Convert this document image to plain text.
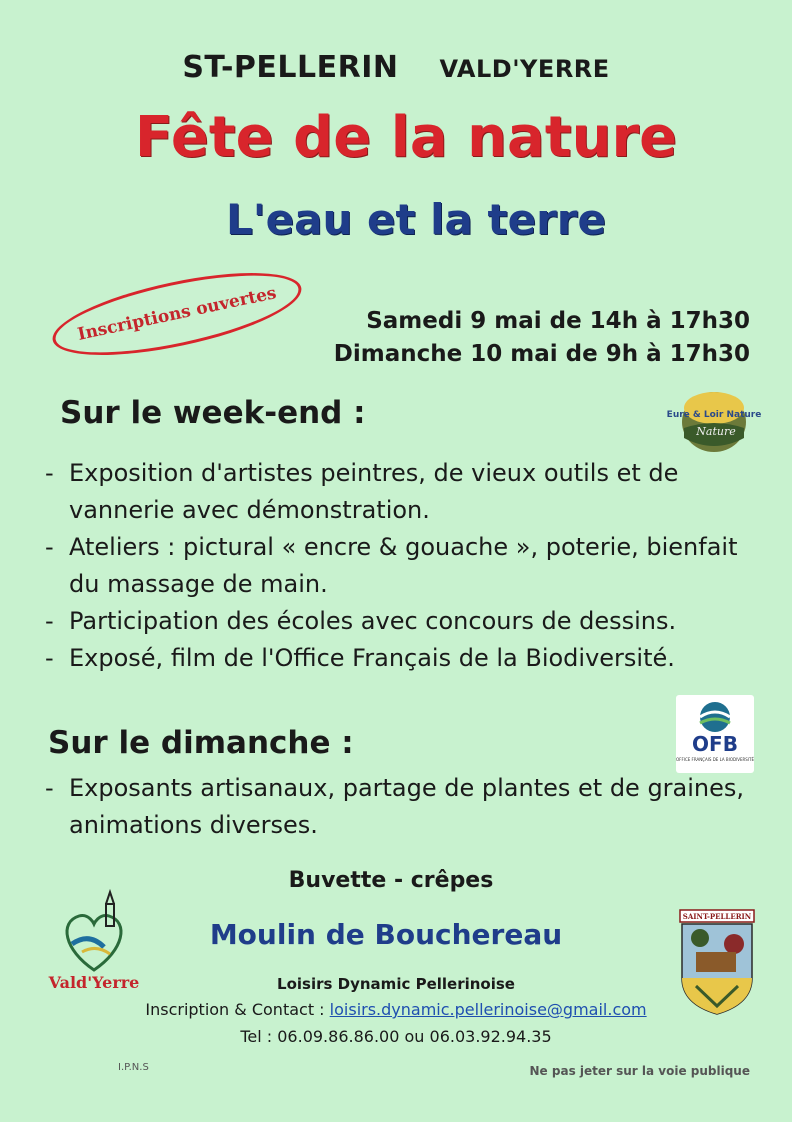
ST-PELLERIN VALD'YERRE
Fête de la nature
L'eau et la terre
Inscriptions ouvertes	Samedi 9 mai de 14h à 17h30
Dimanche 10 mai de 9h à 17h30
Eure & Loir Nature
Nature
Sur le week-end :
- Exposition d'artistes peintres, de vieux outils et de vannerie avec démonstration.
- Ateliers : pictural « encre & gouache », poterie, bienfait du massage de main.
- Participation des écoles avec concours de dessins.
- Exposé, film de l'Office Français de la Biodiversité.
OFB
OFFICE FRANÇAIS DE LA BIODIVERSITÉ
Sur le dimanche :
- Exposants artisanaux, partage de plantes et de graines, animations diverses.
Buvette - crêpes
Moulin de Bouchereau
Loisirs Dynamic Pellerinoise
Inscription & Contact : loisirs.dynamic.pellerinoise@gmail.com
Tel : 06.09.86.86.00 ou 06.03.92.94.35
Vald'Yerre
SAINT-PELLERIN
I.P.N.S	Ne pas jeter sur la voie publique
